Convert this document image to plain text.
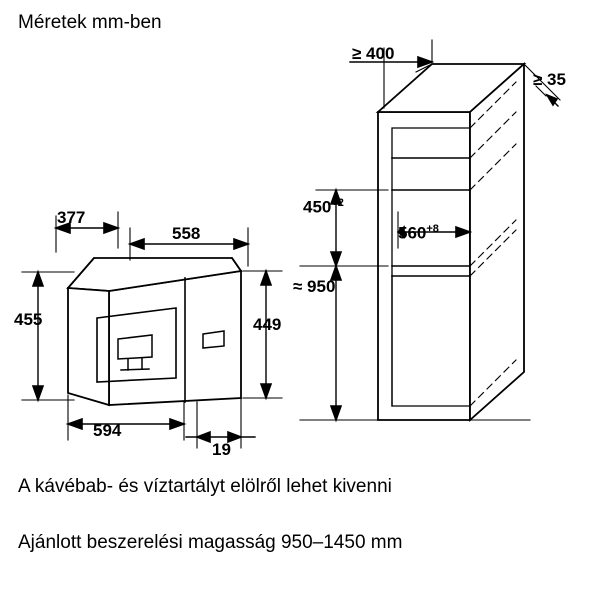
Méretek mm-ben
377
558
455	449
594
19
≥ 400
≥ 35
$450^{+2}$
$560^{+8}$
≈ 950
A kávébab- és víztartályt elölről lehet kivenni
Ajánlott beszerelési magasság 950–1450 mm
